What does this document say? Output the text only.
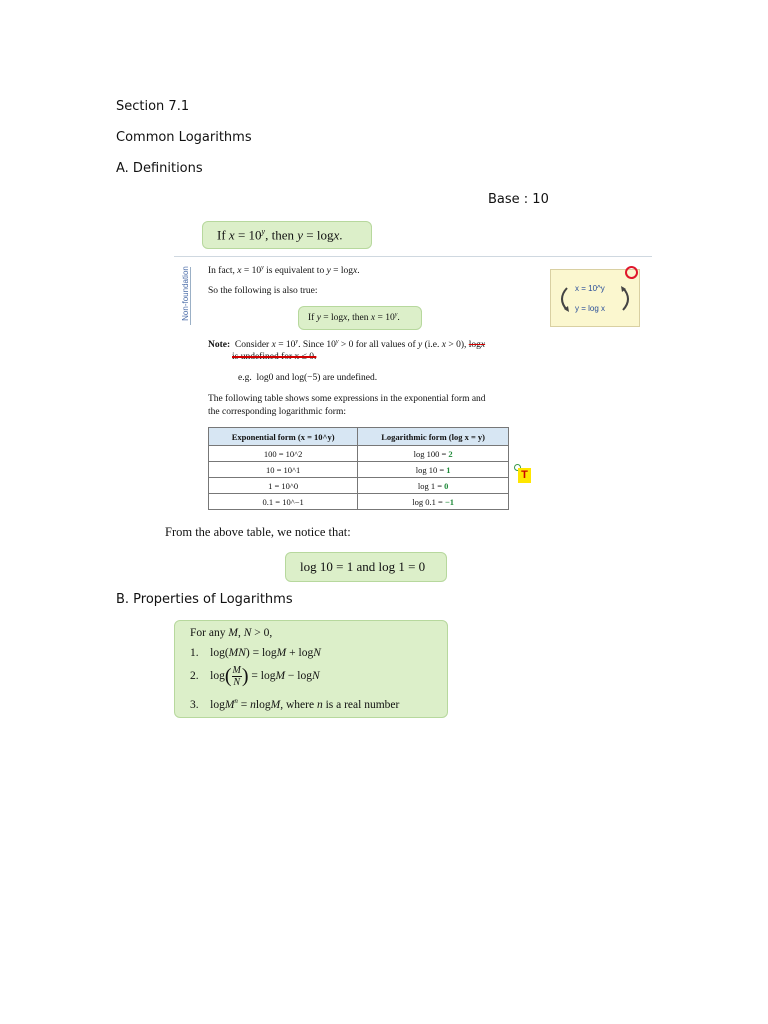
Section 7.1
Common Logarithms
A. Definitions
Base : 10
If $x = 10^y$, then y = logx.
Non-foundation In fact, $x = 10^y$ is equivalent to y = logx.
So the following is also true:
If y = logx, then $x = 10^y$.
Note:  Consider $x = 10^y$. Since $10^y > 0$ for all values of y (i.e. x > 0), logx
is undefined for x ≤ 0.
e.g.  log0 and log(−5) are undefined.
The following table shows some expressions in the exponential form and
the corresponding logarithmic form:
Exponential form (x = 10^y)	Logarithmic form (log x = y)
100 = 10^2	log 100 = 2
10 = 10^1	log 10 = 1
1 = 10^0	log 1 = 0
0.1 = 10^−1	log 0.1 = −1
x = 10^y
y = log x
T
From the above table, we notice that:
log 10 = 1 and log 1 = 0
B. Properties of Logarithms
For any M, N > 0,
1.    log(MN) = logM + logN
2. $\log( \frac{M}{N}$ ) = logM − logN
3.    logM$^n$ = nlogM, where n is a real number
